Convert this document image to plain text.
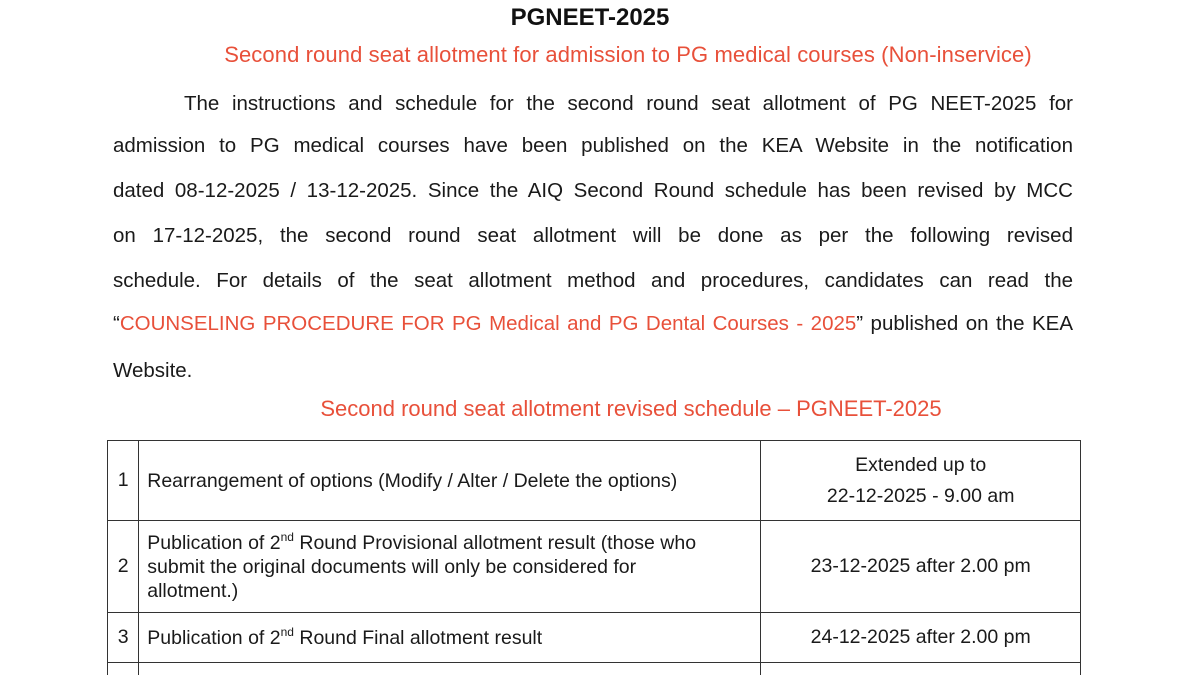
PGNEET-2025
Second round seat allotment for admission to PG medical courses (Non-inservice)
The instructions and schedule for the second round seat allotment of PG NEET-2025 for
admission to PG medical courses have been published on the KEA Website in the notification
dated 08-12-2025 / 13-12-2025. Since the AIQ Second Round schedule has been revised by MCC
on 17-12-2025, the second round seat allotment will be done as per the following revised
schedule. For details of the seat allotment method and procedures, candidates can read the
“COUNSELING PROCEDURE FOR PG Medical and PG Dental Courses - 2025” published on the KEA
Website.
Second round seat allotment revised schedule – PGNEET-2025
1	Rearrangement of options (Modify / Alter / Delete the options)	Extended up to
22-12-2025 - 9.00 am

2	Publication of 2nd Round Provisional allotment result (those who
submit the original documents will only be considered for
allotment.)	23-12-2025 after 2.00 pm
3	Publication of 2nd Round Final allotment result	24-12-2025 after 2.00 pm
